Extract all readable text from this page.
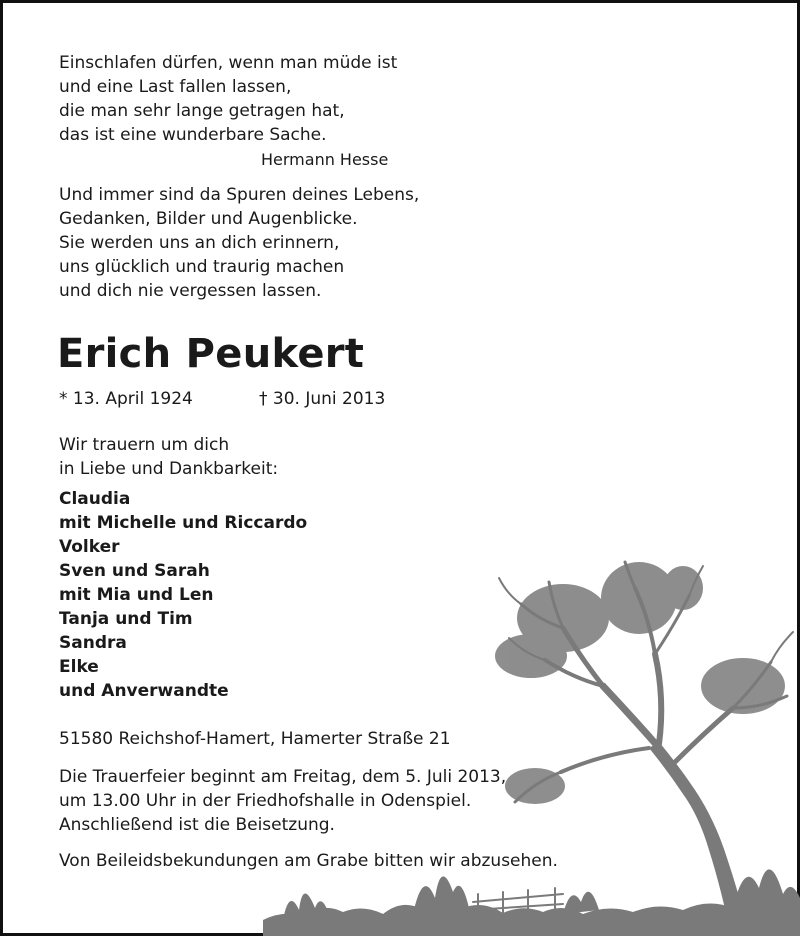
Einschlafen dürfen, wenn man müde ist
und eine Last fallen lassen,
die man sehr lange getragen hat,
das ist eine wunderbare Sache.
Hermann Hesse
Und immer sind da Spuren deines Lebens,
Gedanken, Bilder und Augenblicke.
Sie werden uns an dich erinnern,
uns glücklich und traurig machen
und dich nie vergessen lassen.
Erich Peukert
* 13. April 1924	† 30. Juni 2013
Wir trauern um dich
in Liebe und Dankbarkeit:
Claudia
mit Michelle und Riccardo
Volker
Sven und Sarah
mit Mia und Len
Tanja und Tim
Sandra
Elke
und Anverwandte
51580 Reichshof-Hamert, Hamerter Straße 21
Die Trauerfeier beginnt am Freitag, dem 5. Juli 2013,
um 13.00 Uhr in der Friedhofshalle in Odenspiel.
Anschließend ist die Beisetzung.
Von Beileidsbekundungen am Grabe bitten wir abzusehen.
